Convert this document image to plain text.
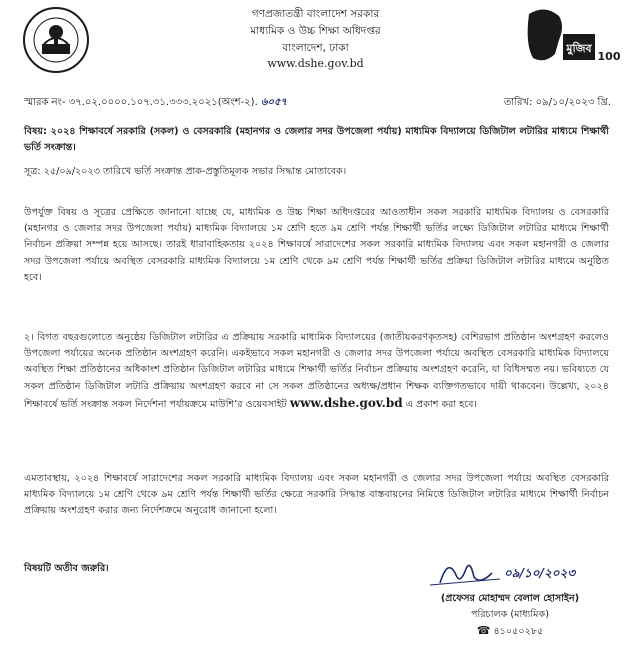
গণপ্রজাতন্ত্রী বাংলাদেশ সরকার
মাধ্যমিক ও উচ্চ শিক্ষা অধিদপ্তর
বাংলাদেশ, ঢাকা
www.dshe.gov.bd
মুজিব
100
স্মারক নং- ৩৭.০২.০০০০.১০৭.৩১.৩৩৩.২০২১(অংশ-২). ৬০৫৭	তারিখ: ০৯/১০/২০২৩ খ্রি.
বিষয়: ২০২৪ শিক্ষাবর্ষে সরকারি (সকল) ও বেসরকারি (মহানগর ও জেলার সদর উপজেলা পর্যায়) মাধ্যমিক বিদ্যালয়ে ডিজিটাল লটারির মাধ্যমে শিক্ষার্থী ভর্তি সংক্রান্ত।
সূত্র: ২৫/০৯/২০২৩ তারিখে ভর্তি সংক্রান্ত প্রাক-প্রস্তুতিমূলক সভার সিদ্ধান্ত মোতাবেক।
উপর্যুক্ত বিষয় ও সূত্রের প্রেক্ষিতে জানানো যাচ্ছে যে, মাধ্যমিক ও উচ্চ শিক্ষা অধিদপ্তরের আওতাধীন সকল সরকারি মাধ্যমিক বিদ্যালয় ও বেসরকারি (মহানগর ও জেলার সদর উপজেলা পর্যায়) মাধ্যমিক বিদ্যালয়ে ১ম শ্রেণি হতে ৯ম শ্রেণি পর্যন্ত শিক্ষার্থী ভর্তির লক্ষ্যে ডিজিটাল লটারির মাধ্যমে শিক্ষার্থী নির্বাচন প্রক্রিয়া সম্পন্ন হয়ে আসছে। তারই ধারাবাহিকতায় ২০২৪ শিক্ষাবর্ষে সারাদেশের সকল সরকারি মাধ্যমিক বিদ্যালয় এবং সকল মহানগরী ও জেলার সদর উপজেলা পর্যায়ে অবস্থিত বেসরকারি মাধ্যমিক বিদ্যালয়ে ১ম শ্রেণি থেকে ৯ম শ্রেণি পর্যন্ত শিক্ষার্থী ভর্তির প্রক্রিয়া ডিজিটাল লটারির মাধ্যমে অনুষ্ঠিত হবে।
২। বিগত বছরগুলোতে অনুষ্ঠেয় ডিজিটাল লটারির এ প্রক্রিয়ায় সরকারি মাধ্যমিক বিদ্যালয়ের (জাতীয়করণকৃতসহ) বেশিরভাগ প্রতিষ্ঠান অংশগ্রহণ করলেও উপজেলা পর্যায়ের অনেক প্রতিষ্ঠান অংশগ্রহণ করেনি। একইভাবে সকল মহানগরী ও জেলার সদর উপজেলা পর্যায়ে অবস্থিত বেসরকারি মাধ্যমিক বিদ্যালয়ে অবস্থিত শিক্ষা প্রতিষ্ঠানের অধিকাংশ প্রতিষ্ঠান ডিজিটাল লটারির মাধ্যমে শিক্ষার্থী ভর্তির নির্বাচন প্রক্রিয়ায় অংশগ্রহণ করেনি, যা বিধিসম্মত নয়। ভবিষ্যতে যে সকল প্রতিষ্ঠান ডিজিটাল লটারি প্রক্রিয়ায় অংশগ্রহণ করবে না সে সকল প্রতিষ্ঠানের অধ্যক্ষ/প্রধান শিক্ষক ব্যক্তিগতভাবে দায়ী থাকবেন। উল্লেখ্য, ২০২৪ শিক্ষাবর্ষে ভর্তি সংক্রান্ত সকল নির্দেশনা পর্যায়ক্রমে মাউশি’র ওয়েবসাইট www.dshe.gov.bd এ প্রকাশ করা হবে।
এমতাবস্থায়, ২০২৪ শিক্ষাবর্ষে সারাদেশের সকল সরকারি মাধ্যমিক বিদ্যালয় এবং সকল মহানগরী ও জেলার সদর উপজেলা পর্যায়ে অবস্থিত বেসরকারি মাধ্যমিক বিদ্যালয়ে ১ম শ্রেণি থেকে ৯ম শ্রেণি পর্যন্ত শিক্ষার্থী ভর্তির ক্ষেত্রে সরকারি সিদ্ধান্ত বাস্তবায়নের নিমিত্তে ডিজিটাল লটারির মাধ্যমে শিক্ষার্থী নির্বাচন প্রক্রিয়ায় অংশগ্রহণ করার জন্য নির্দেশক্রমে অনুরোধ জানানো হলো।
বিষয়টি অতীব জরুরি।	০৯/১০/২০২৩
(প্রফেসর মোহাম্মদ বেলাল হোসাইন)
পরিচালক (মাধ্যমিক)
☎ ৪১০৫০২৮৫
